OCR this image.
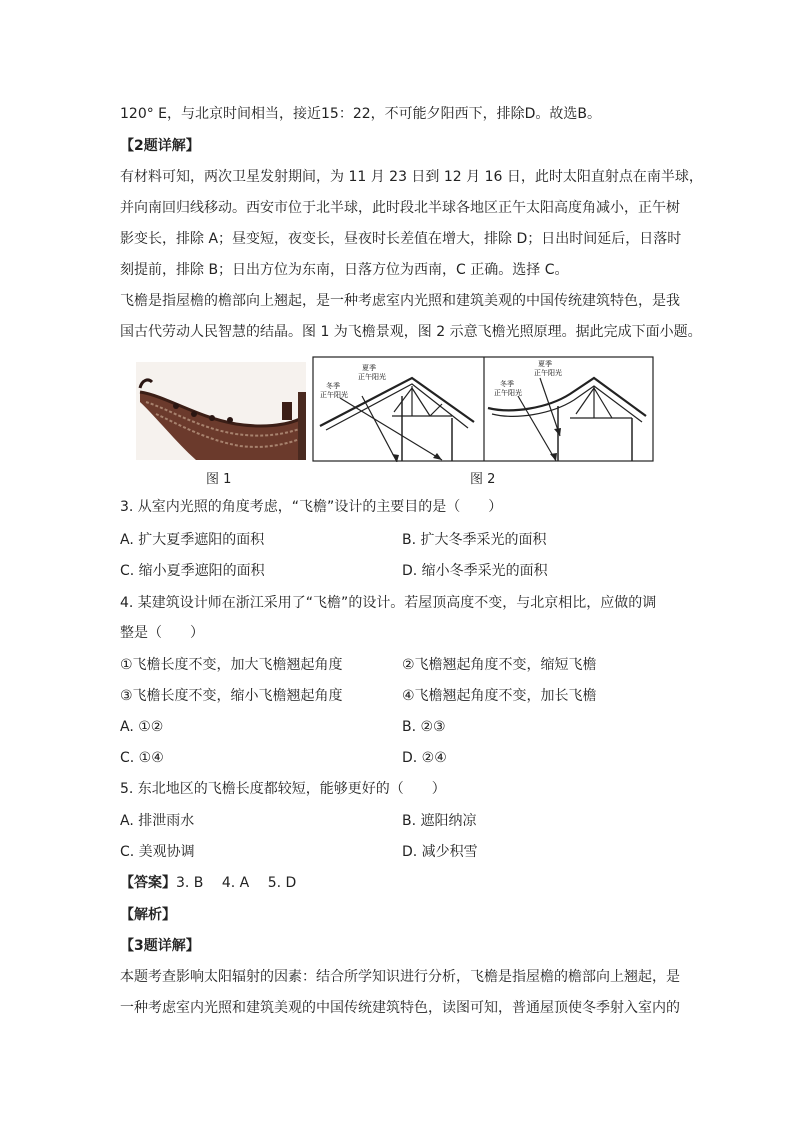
120° E，与北京时间相当，接近15：22，不可能夕阳西下，排除D。故选B。
【2题详解】
有材料可知，两次卫星发射期间，为 11 月 23 日到 12 月 16 日，此时太阳直射点在南半球，
并向南回归线移动。西安市位于北半球，此时段北半球各地区正午太阳高度角减小，正午树
影变长，排除 A；昼变短，夜变长，昼夜时长差值在增大，排除 D；日出时间延后，日落时
刻提前，排除 B；日出方位为东南，日落方位为西南，C 正确。选择 C。
飞檐是指屋檐的檐部向上翘起，是一种考虑室内光照和建筑美观的中国传统建筑特色，是我
国古代劳动人民智慧的结晶。图 1 为飞檐景观，图 2 示意飞檐光照原理。据此完成下面小题。
图 1
夏季
正午阳光
冬季
正午阳光
夏季
正午阳光
冬季
正午阳光
图 2
3. 从室内光照的角度考虑，“飞檐”设计的主要目的是（　　）
A. 扩大夏季遮阳的面积	B. 扩大冬季采光的面积
C. 缩小夏季遮阳的面积	D. 缩小冬季采光的面积
4. 某建筑设计师在浙江采用了“飞檐”的设计。若屋顶高度不变，与北京相比，应做的调
整是（　　）
①飞檐长度不变，加大飞檐翘起角度	②飞檐翘起角度不变，缩短飞檐
③飞檐长度不变，缩小飞檐翘起角度	④飞檐翘起角度不变，加长飞檐
A. ①②	B. ②③
C. ①④	D. ②④
5. 东北地区的飞檐长度都较短，能够更好的（　　）
A. 排泄雨水	B. 遮阳纳凉
C. 美观协调	D. 减少积雪
【答案】3. B　 4. A　 5. D
【解析】
【3题详解】
本题考查影响太阳辐射的因素：结合所学知识进行分析，飞檐是指屋檐的檐部向上翘起，是
一种考虑室内光照和建筑美观的中国传统建筑特色，读图可知，普通屋顶使冬季射入室内的
